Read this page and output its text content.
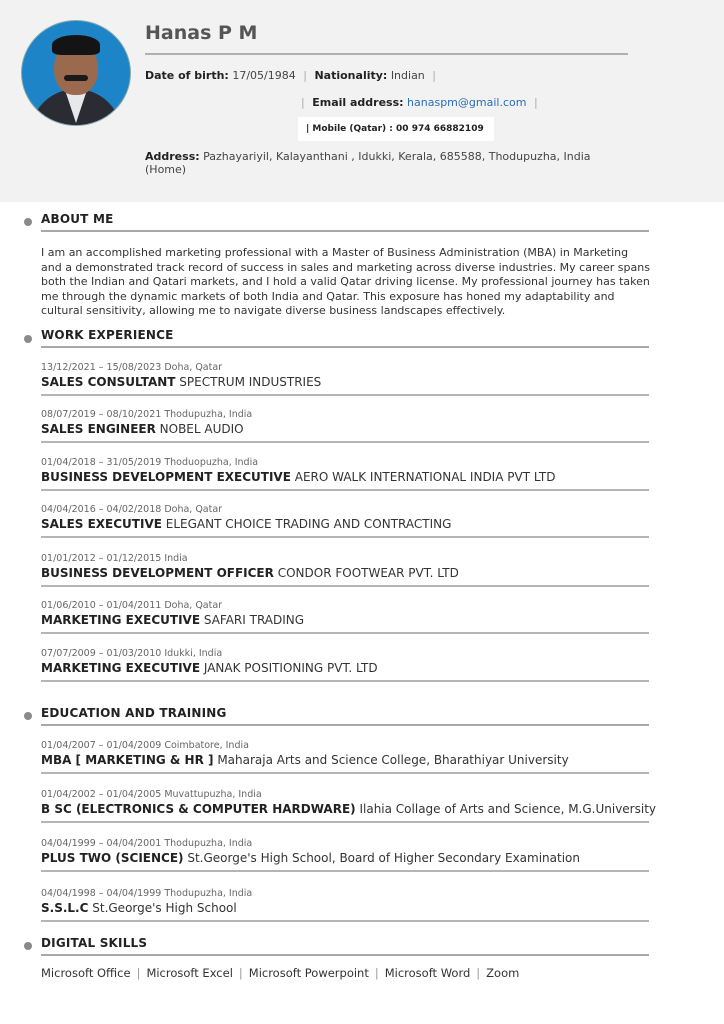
Hanas P M
Date of birth: 17/05/1984 | Nationality: Indian |
| Email address: hanaspm@gmail.com |
| Mobile (Qatar) : 00 974 66882109
Address: Pazhayariyil, Kalayanthani , Idukki, Kerala, 685588, Thodupuzha, India (Home)
ABOUT ME
I am an accomplished marketing professional with a Master of Business Administration (MBA) in Marketing and a demonstrated track record of success in sales and marketing across diverse industries. My career spans both the Indian and Qatari markets, and I hold a valid Qatar driving license. My professional journey has taken me through the dynamic markets of both India and Qatar. This exposure has honed my adaptability and cultural sensitivity, allowing me to navigate diverse business landscapes effectively.
WORK EXPERIENCE
13/12/2021 – 15/08/2023 Doha, Qatar
SALES CONSULTANT SPECTRUM INDUSTRIES
08/07/2019 – 08/10/2021 Thodupuzha, India
SALES ENGINEER NOBEL AUDIO
01/04/2018 – 31/05/2019 Thoduopuzha, India
BUSINESS DEVELOPMENT EXECUTIVE AERO WALK INTERNATIONAL INDIA PVT LTD
04/04/2016 – 04/02/2018 Doha, Qatar
SALES EXECUTIVE ELEGANT CHOICE TRADING AND CONTRACTING
01/01/2012 – 01/12/2015 India
BUSINESS DEVELOPMENT OFFICER CONDOR FOOTWEAR PVT. LTD
01/06/2010 – 01/04/2011 Doha, Qatar
MARKETING EXECUTIVE SAFARI TRADING
07/07/2009 – 01/03/2010 Idukki, India
MARKETING EXECUTIVE JANAK POSITIONING PVT. LTD
EDUCATION AND TRAINING
01/04/2007 – 01/04/2009 Coimbatore, India
MBA [ MARKETING & HR ] Maharaja Arts and Science College, Bharathiyar University
01/04/2002 – 01/04/2005 Muvattupuzha, India
B SC (ELECTRONICS & COMPUTER HARDWARE) Ilahia Collage of Arts and Science, M.G.University
04/04/1999 – 04/04/2001 Thodupuzha, India
PLUS TWO (SCIENCE) St.George's High School, Board of Higher Secondary Examination
04/04/1998 – 04/04/1999 Thodupuzha, India
S.S.L.C St.George's High School
DIGITAL SKILLS
Microsoft Office | Microsoft Excel | Microsoft Powerpoint | Microsoft Word | Zoom
